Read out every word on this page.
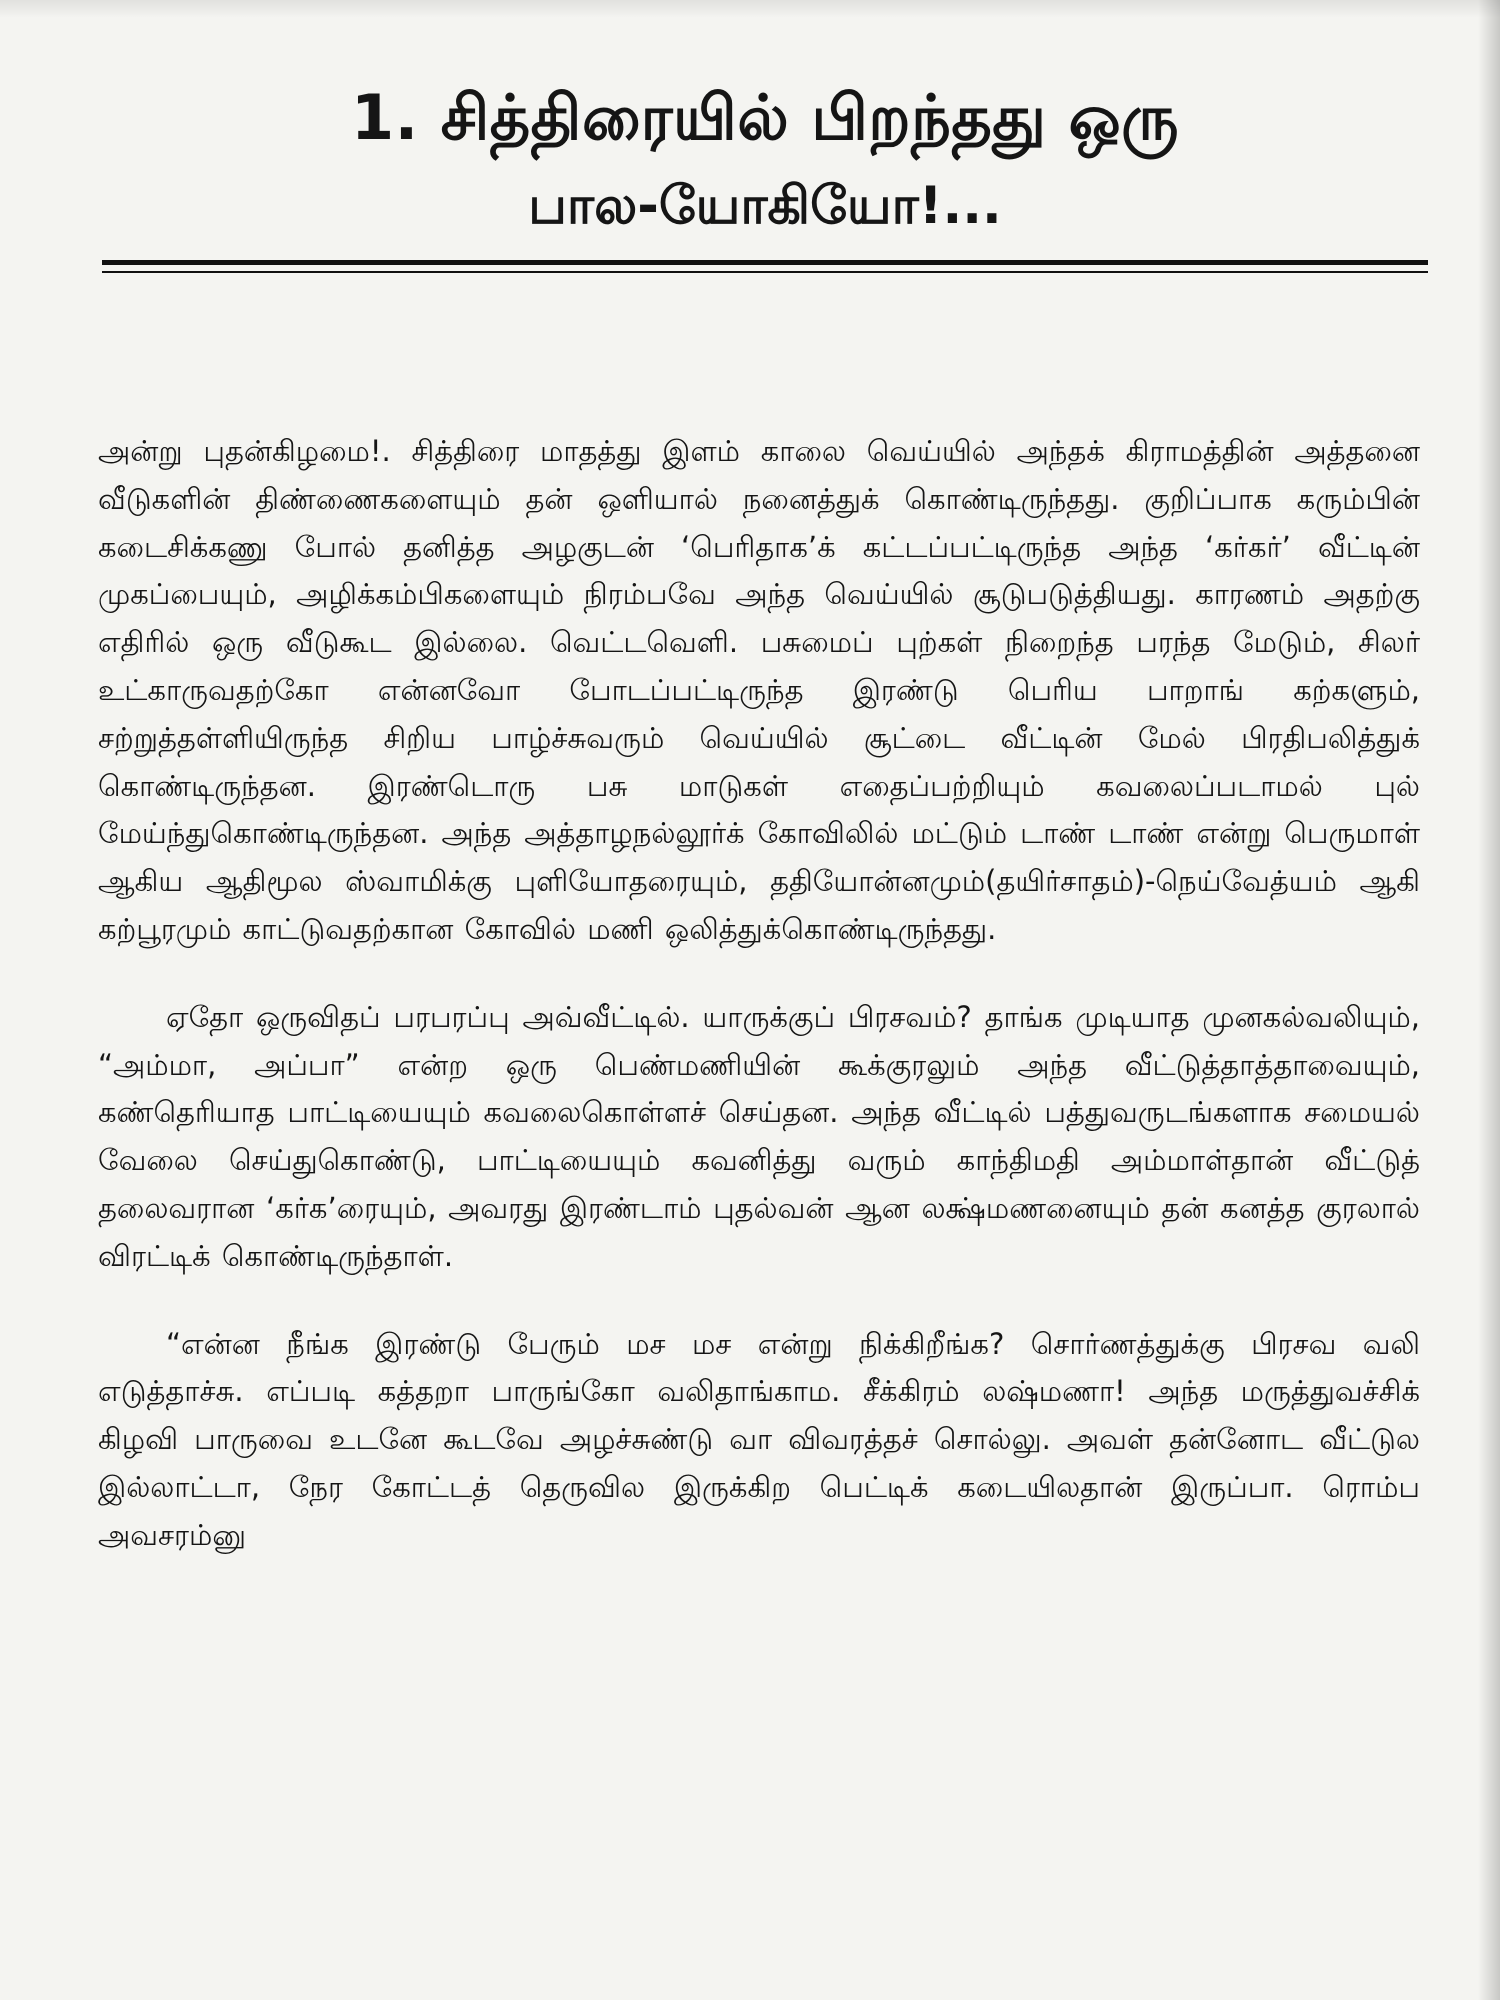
1. சித்திரையில் பிறந்தது ஒரு
பால-யோகியோ!...

அன்று புதன்கிழமை!. சித்திரை மாதத்து இளம் காலை வெய்யில் அந்தக் கிராமத்தின் அத்தனை வீடுகளின் திண்ணைகளையும் தன் ஒளியால் நனைத்துக் கொண்டிருந்தது. குறிப்பாக கரும்பின் கடைசிக்கணு போல் தனித்த அழகுடன் ‘பெரிதாக’க் கட்டப்பட்டிருந்த அந்த ‘கர்கர்’ வீட்டின் முகப்பையும், அழிக்கம்பிகளையும் நிரம்பவே அந்த வெய்யில் சூடுபடுத்தியது. காரணம் அதற்கு எதிரில் ஒரு வீடுகூட இல்லை. வெட்டவெளி. பசுமைப் புற்கள் நிறைந்த பரந்த மேடும், சிலர் உட்காருவதற்கோ என்னவோ போடப்பட்டிருந்த இரண்டு பெரிய பாறாங் கற்களும், சற்றுத்தள்ளியிருந்த சிறிய பாழ்ச்சுவரும் வெய்யில் சூட்டை வீட்டின் மேல் பிரதிபலித்துக் கொண்டிருந்தன. இரண்டொரு பசு மாடுகள் எதைப்பற்றியும் கவலைப்படாமல் புல் மேய்ந்துகொண்டிருந்தன. அந்த அத்தாழநல்லூர்க் கோவிலில் மட்டும் டாண் டாண் என்று பெருமாள் ஆகிய ஆதிமூல ஸ்வாமிக்கு புளியோதரையும், ததியோன்னமும்(தயிர்சாதம்)-நெய்வேத்யம் ஆகி கற்பூரமும் காட்டுவதற்கான கோவில் மணி ஒலித்துக்கொண்டிருந்தது.

ஏதோ ஒருவிதப் பரபரப்பு அவ்வீட்டில். யாருக்குப் பிரசவம்? தாங்க முடியாத முனகல்வலியும், “அம்மா, அப்பா” என்ற ஒரு பெண்மணியின் கூக்குரலும் அந்த வீட்டுத்தாத்தாவையும், கண்தெரியாத பாட்டியையும் கவலைகொள்ளச் செய்தன. அந்த வீட்டில் பத்துவருடங்களாக சமையல் வேலை செய்துகொண்டு, பாட்டியையும் கவனித்து வரும் காந்திமதி அம்மாள்தான் வீட்டுத் தலைவரான ‘கர்க’ரையும், அவரது இரண்டாம் புதல்வன் ஆன லக்ஷ்மணனையும் தன் கனத்த குரலால் விரட்டிக் கொண்டிருந்தாள்.

“என்ன நீங்க இரண்டு பேரும் மச மச என்று நிக்கிறீங்க? சொர்ணத்துக்கு பிரசவ வலி எடுத்தாச்சு. எப்படி கத்தறா பாருங்கோ வலிதாங்காம. சீக்கிரம் லஷ்மணா! அந்த மருத்துவச்சிக் கிழவி பாருவை உடனே கூடவே அழச்சுண்டு வா விவரத்தச் சொல்லு. அவள் தன்னோட வீட்டுல இல்லாட்டா, நேர கோட்டத் தெருவில இருக்கிற பெட்டிக் கடையிலதான் இருப்பா. ரொம்ப அவசரம்னு
